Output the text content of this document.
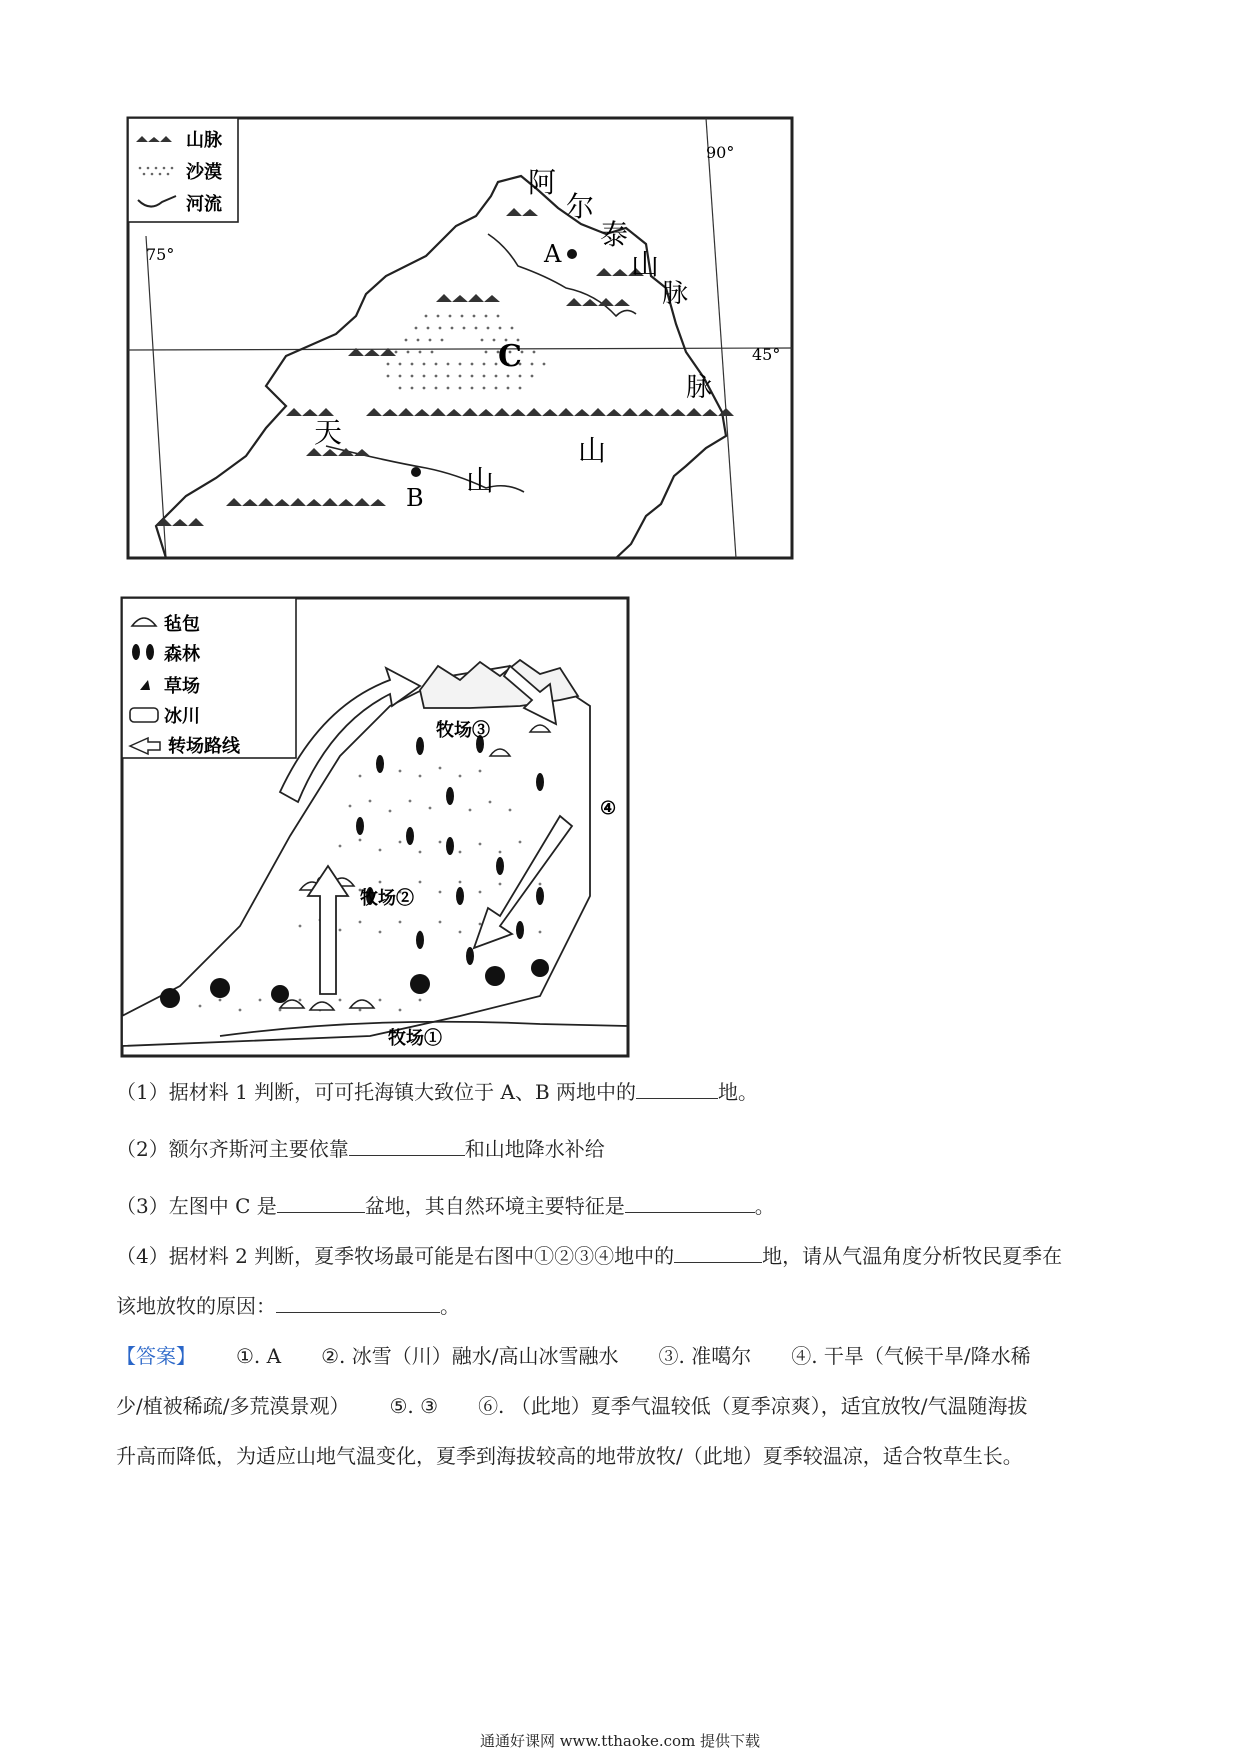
山脉
沙漠
河流
阿
尔
泰
山
脉
A
C
脉
天
山
山
B
90°
75°
45°
毡包
森林
草场
冰川
转场路线
牧场③
④
牧场②
牧场①
（1）据材料 1 判断，可可托海镇大致位于 A、B 两地中的	地。
（2）额尔齐斯河主要依靠	和山地降水补给
（3）左图中 C 是	盆地，其自然环境主要特征是	。
（4）据材料 2 判断，夏季牧场最可能是右图中①②③④地中的	地，请从气温角度分析牧民夏季在
该地放牧的原因：	。
【答案】 ①. A ②. 冰雪（川）融水/高山冰雪融水 ③. 准噶尔 ④. 干旱（气候干旱/降水稀
少/植被稀疏/多荒漠景观） ⑤. ③ ⑥. （此地）夏季气温较低（夏季凉爽），适宜放牧/气温随海拔
升高而降低，为适应山地气温变化，夏季到海拔较高的地带放牧/（此地）夏季较温凉，适合牧草生长。
通通好课网 www.tthaoke.com 提供下载
